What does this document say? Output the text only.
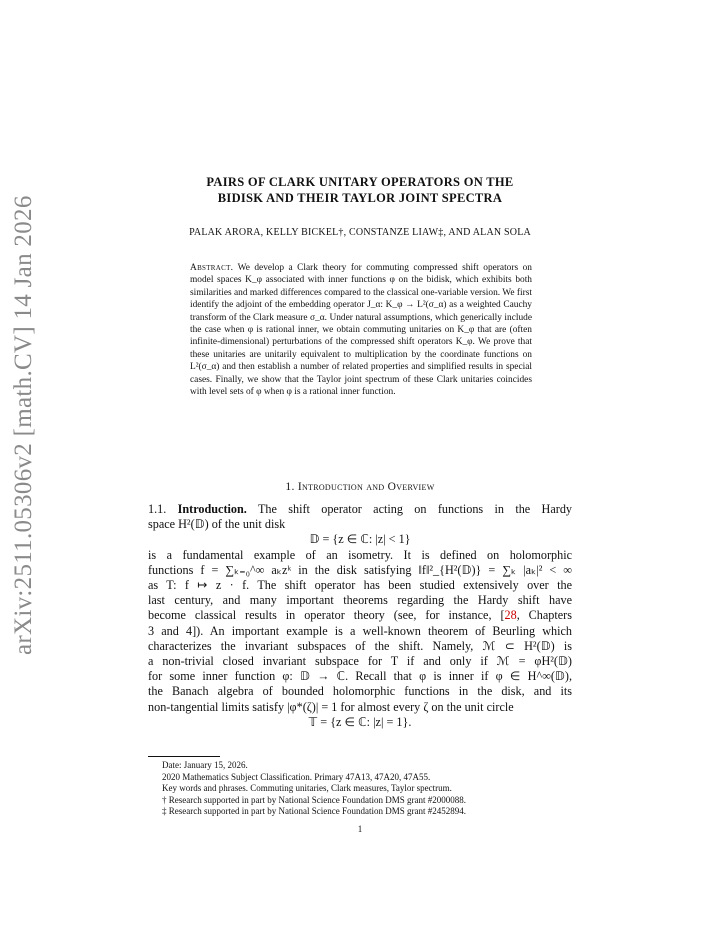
arXiv:2511.05306v2 [math.CV] 14 Jan 2026
PAIRS OF CLARK UNITARY OPERATORS ON THE
BIDISK AND THEIR TAYLOR JOINT SPECTRA
PALAK ARORA, KELLY BICKEL†, CONSTANZE LIAW‡, AND ALAN SOLA
Abstract. We develop a Clark theory for commuting compressed shift operators on model spaces K_φ associated with inner functions φ on the bidisk, which exhibits both similarities and marked differences compared to the classical one-variable version. We first identify the adjoint of the embedding operator J_α: K_φ → L²(σ_α) as a weighted Cauchy transform of the Clark measure σ_α. Under natural assumptions, which generically include the case when φ is rational inner, we obtain commuting unitaries on K_φ that are (often infinite-dimensional) perturbations of the compressed shift operators K_φ. We prove that these unitaries are unitarily equivalent to multiplication by the coordinate functions on L²(σ_α) and then establish a number of related properties and simplified results in special cases. Finally, we show that the Taylor joint spectrum of these Clark unitaries coincides with level sets of φ when φ is a rational inner function.
1. Introduction and Overview
1.1. Introduction. The shift operator acting on functions in the Hardy
space H²(𝔻) of the unit disk
𝔻 = {z ∈ ℂ: |z| < 1}
is a fundamental example of an isometry. It is defined on holomorphic
functions f = ∑ₖ₌₀^∞ aₖzᵏ in the disk satisfying ‖f‖²_{H²(𝔻)} = ∑ₖ |aₖ|² < ∞
as T: f ↦ z · f. The shift operator has been studied extensively over the
last century, and many important theorems regarding the Hardy shift have
become classical results in operator theory (see, for instance, [28, Chapters
3 and 4]). An important example is a well-known theorem of Beurling which
characterizes the invariant subspaces of the shift. Namely, ℳ ⊂ H²(𝔻) is
a non-trivial closed invariant subspace for T if and only if ℳ = φH²(𝔻)
for some inner function φ: 𝔻 → ℂ. Recall that φ is inner if φ ∈ H^∞(𝔻),
the Banach algebra of bounded holomorphic functions in the disk, and its
non-tangential limits satisfy |φ*(ζ)| = 1 for almost every ζ on the unit circle
𝕋 = {z ∈ ℂ: |z| = 1}.
Date: January 15, 2026.
2020 Mathematics Subject Classification. Primary 47A13, 47A20, 47A55.
Key words and phrases. Commuting unitaries, Clark measures, Taylor spectrum.
† Research supported in part by National Science Foundation DMS grant #2000088.
‡ Research supported in part by National Science Foundation DMS grant #2452894.
1
